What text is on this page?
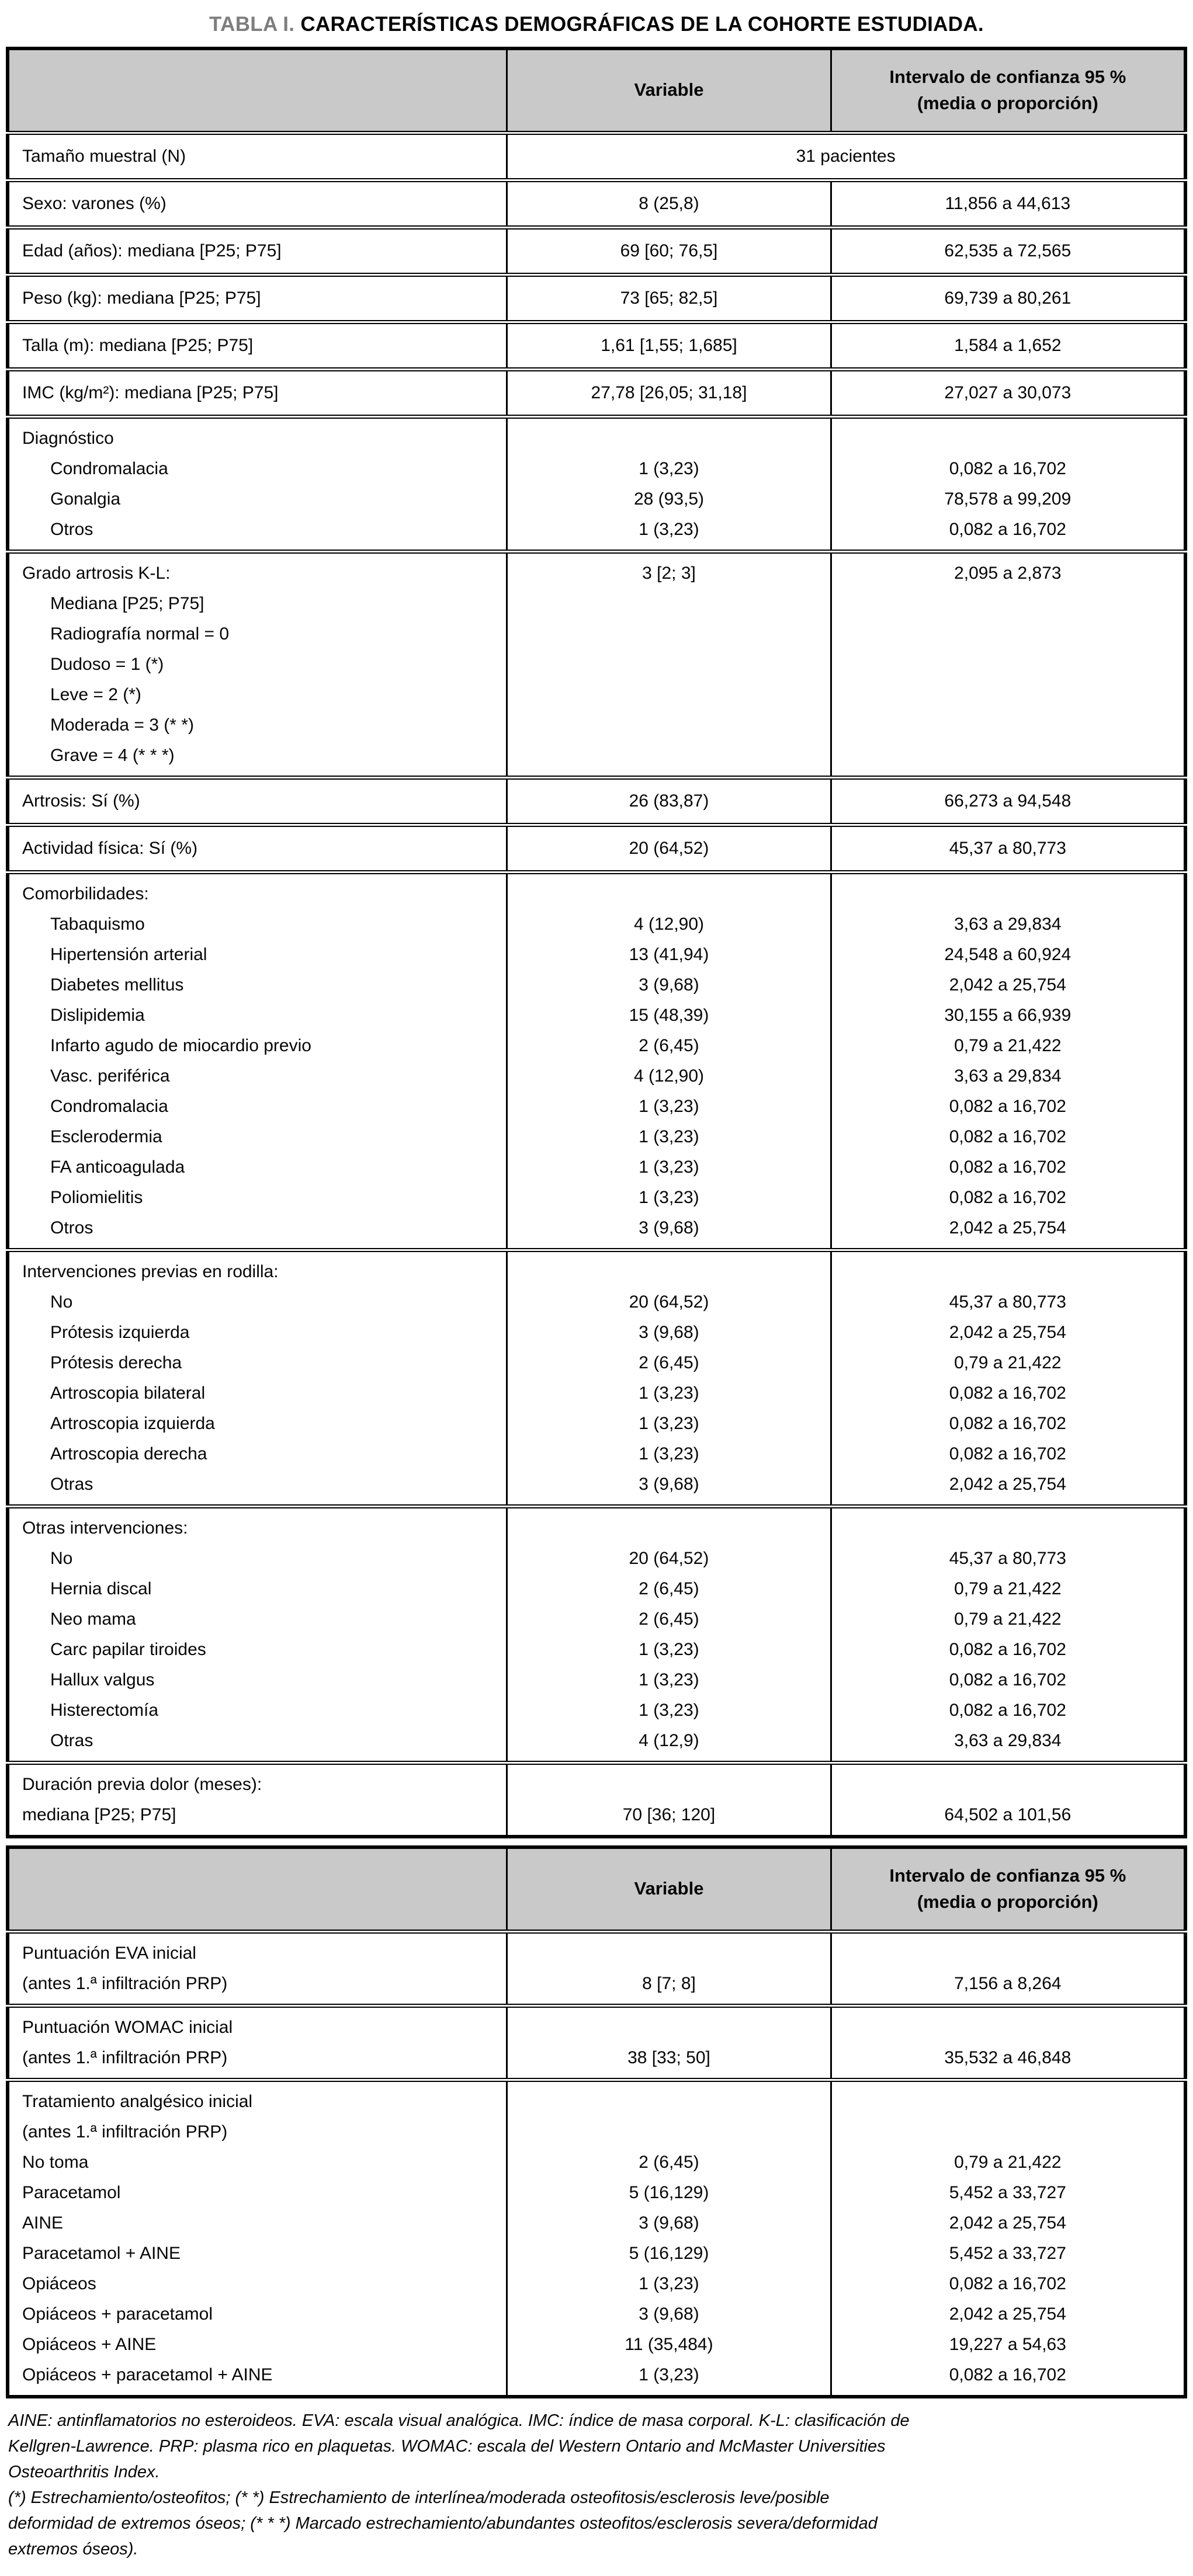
TABLA I. CARACTERÍSTICAS DEMOGRÁFICAS DE LA COHORTE ESTUDIADA.
	Variable	Intervalo de confianza 95 %
(media o proporción)

Tamaño muestral (N)	31 pacientes	
Sexo: varones (%)	8 (25,8)	11,856 a 44,613
Edad (años): mediana [P25; P75]	69 [60; 76,5]	62,535 a 72,565
Peso (kg): mediana [P25; P75]	73 [65; 82,5]	69,739 a 80,261
Talla (m): mediana [P25; P75]	1,61 [1,55; 1,685]	1,584 a 1,652
IMC (kg/m²): mediana [P25; P75]	27,78 [26,05; 31,18]	27,027 a 30,073
Diagnóstico		
Condromalacia	1 (3,23)	0,082 a 16,702
Gonalgia	28 (93,5)	78,578 a 99,209
Otros	1 (3,23)	0,082 a 16,702
Grado artrosis K-L:	3 [2; 3]	2,095 a 2,873
Mediana [P25; P75]		
Radiografía normal = 0		
Dudoso = 1 (*)		
Leve = 2 (*)		
Moderada = 3 (* *)		
Grave = 4 (* * *)		
Artrosis: Sí (%)	26 (83,87)	66,273 a 94,548
Actividad física: Sí (%)	20 (64,52)	45,37 a 80,773
Comorbilidades:		
Tabaquismo	4 (12,90)	3,63 a 29,834
Hipertensión arterial	13 (41,94)	24,548 a 60,924
Diabetes mellitus	3 (9,68)	2,042 a 25,754
Dislipidemia	15 (48,39)	30,155 a 66,939
Infarto agudo de miocardio previo	2 (6,45)	0,79 a 21,422
Vasc. periférica	4 (12,90)	3,63 a 29,834
Condromalacia	1 (3,23)	0,082 a 16,702
Esclerodermia	1 (3,23)	0,082 a 16,702
FA anticoagulada	1 (3,23)	0,082 a 16,702
Poliomielitis	1 (3,23)	0,082 a 16,702
Otros	3 (9,68)	2,042 a 25,754
Intervenciones previas en rodilla:		
No	20 (64,52)	45,37 a 80,773
Prótesis izquierda	3 (9,68)	2,042 a 25,754
Prótesis derecha	2 (6,45)	0,79 a 21,422
Artroscopia bilateral	1 (3,23)	0,082 a 16,702
Artroscopia izquierda	1 (3,23)	0,082 a 16,702
Artroscopia derecha	1 (3,23)	0,082 a 16,702
Otras	3 (9,68)	2,042 a 25,754
Otras intervenciones:		
No	20 (64,52)	45,37 a 80,773
Hernia discal	2 (6,45)	0,79 a 21,422
Neo mama	2 (6,45)	0,79 a 21,422
Carc papilar tiroides	1 (3,23)	0,082 a 16,702
Hallux valgus	1 (3,23)	0,082 a 16,702
Histerectomía	1 (3,23)	0,082 a 16,702
Otras	4 (12,9)	3,63 a 29,834
Duración previa dolor (meses):		
mediana [P25; P75]	70 [36; 120]	64,502 a 101,56
	Variable	Intervalo de confianza 95 %
(media o proporción)

Puntuación EVA inicial		
(antes 1.ª infiltración PRP)	8 [7; 8]	7,156 a 8,264
Puntuación WOMAC inicial		
(antes 1.ª infiltración PRP)	38 [33; 50]	35,532 a 46,848
Tratamiento analgésico inicial		
(antes 1.ª infiltración PRP)		
No toma	2 (6,45)	0,79 a 21,422
Paracetamol	5 (16,129)	5,452 a 33,727
AINE	3 (9,68)	2,042 a 25,754
Paracetamol + AINE	5 (16,129)	5,452 a 33,727
Opiáceos	1 (3,23)	0,082 a 16,702
Opiáceos + paracetamol	3 (9,68)	2,042 a 25,754
Opiáceos + AINE	11 (35,484)	19,227 a 54,63
Opiáceos + paracetamol + AINE	1 (3,23)	0,082 a 16,702
AINE: antinflamatorios no esteroideos. EVA: escala visual analógica. IMC: índice de masa corporal. K-L: clasificación de
Kellgren-Lawrence. PRP: plasma rico en plaquetas. WOMAC: escala del Western Ontario and McMaster Universities
Osteoarthritis Index.
(*) Estrechamiento/osteofitos; (* *) Estrechamiento de interlínea/moderada osteofitosis/esclerosis leve/posible
deformidad de extremos óseos; (* * *) Marcado estrechamiento/abundantes osteofitos/esclerosis severa/deformidad
extremos óseos).
